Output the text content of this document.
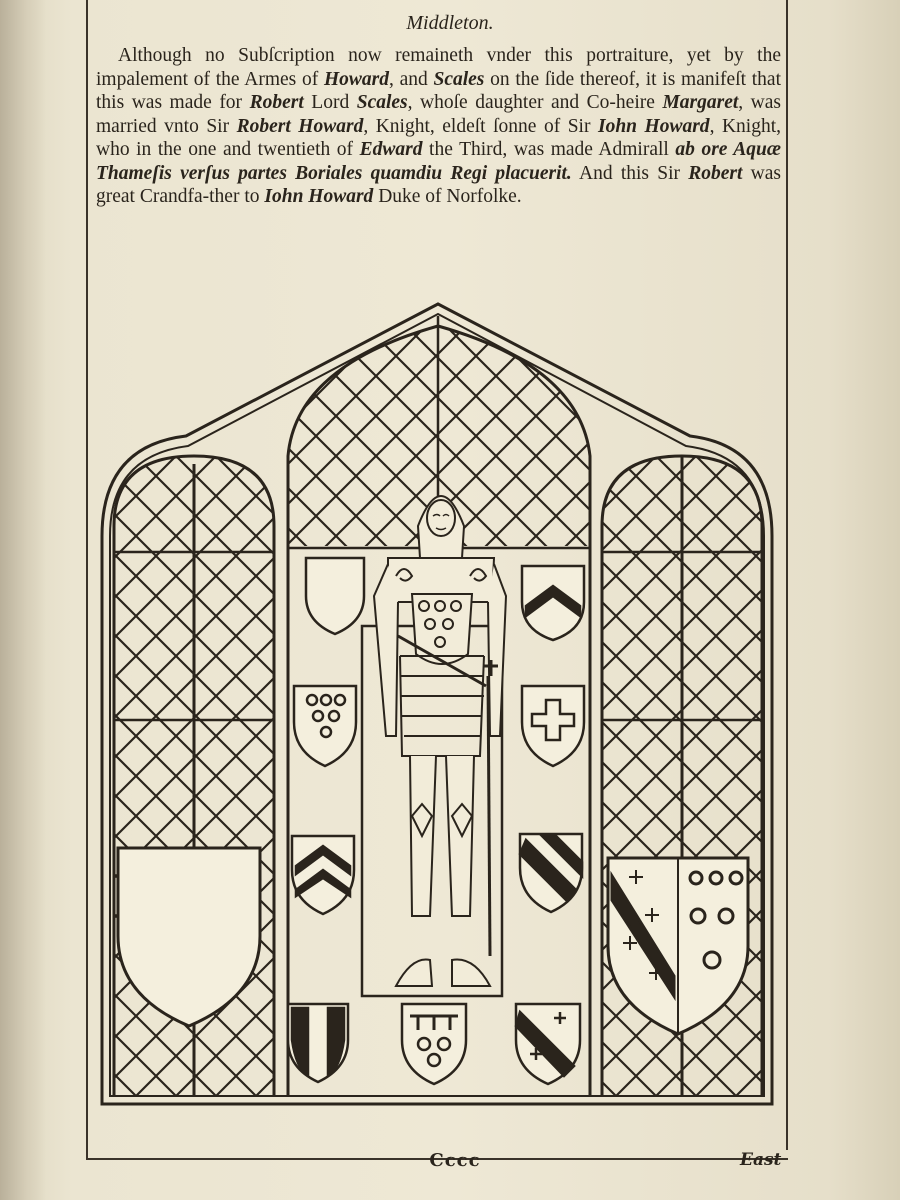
Middleton.

Although no Subſcription now remaineth vnder this portraiture, yet by the impalement of the Armes of Howard, and Scales on the ſide thereof, it is manifeſt that this was made for Robert Lord Scales, whoſe daughter and Co-heire Margaret, was married vnto Sir Robert Howard, Knight, eldeſt ſonne of Sir Iohn Howard, Knight, who in the one and twentieth of Edward the Third, was made Admirall ab ore Aquæ Thameſis verſus partes Boriales quamdiu Regi placuerit. And this Sir Robert was great Crandfa-ther to Iohn Howard Duke of Norfolke.

Cccc	East
